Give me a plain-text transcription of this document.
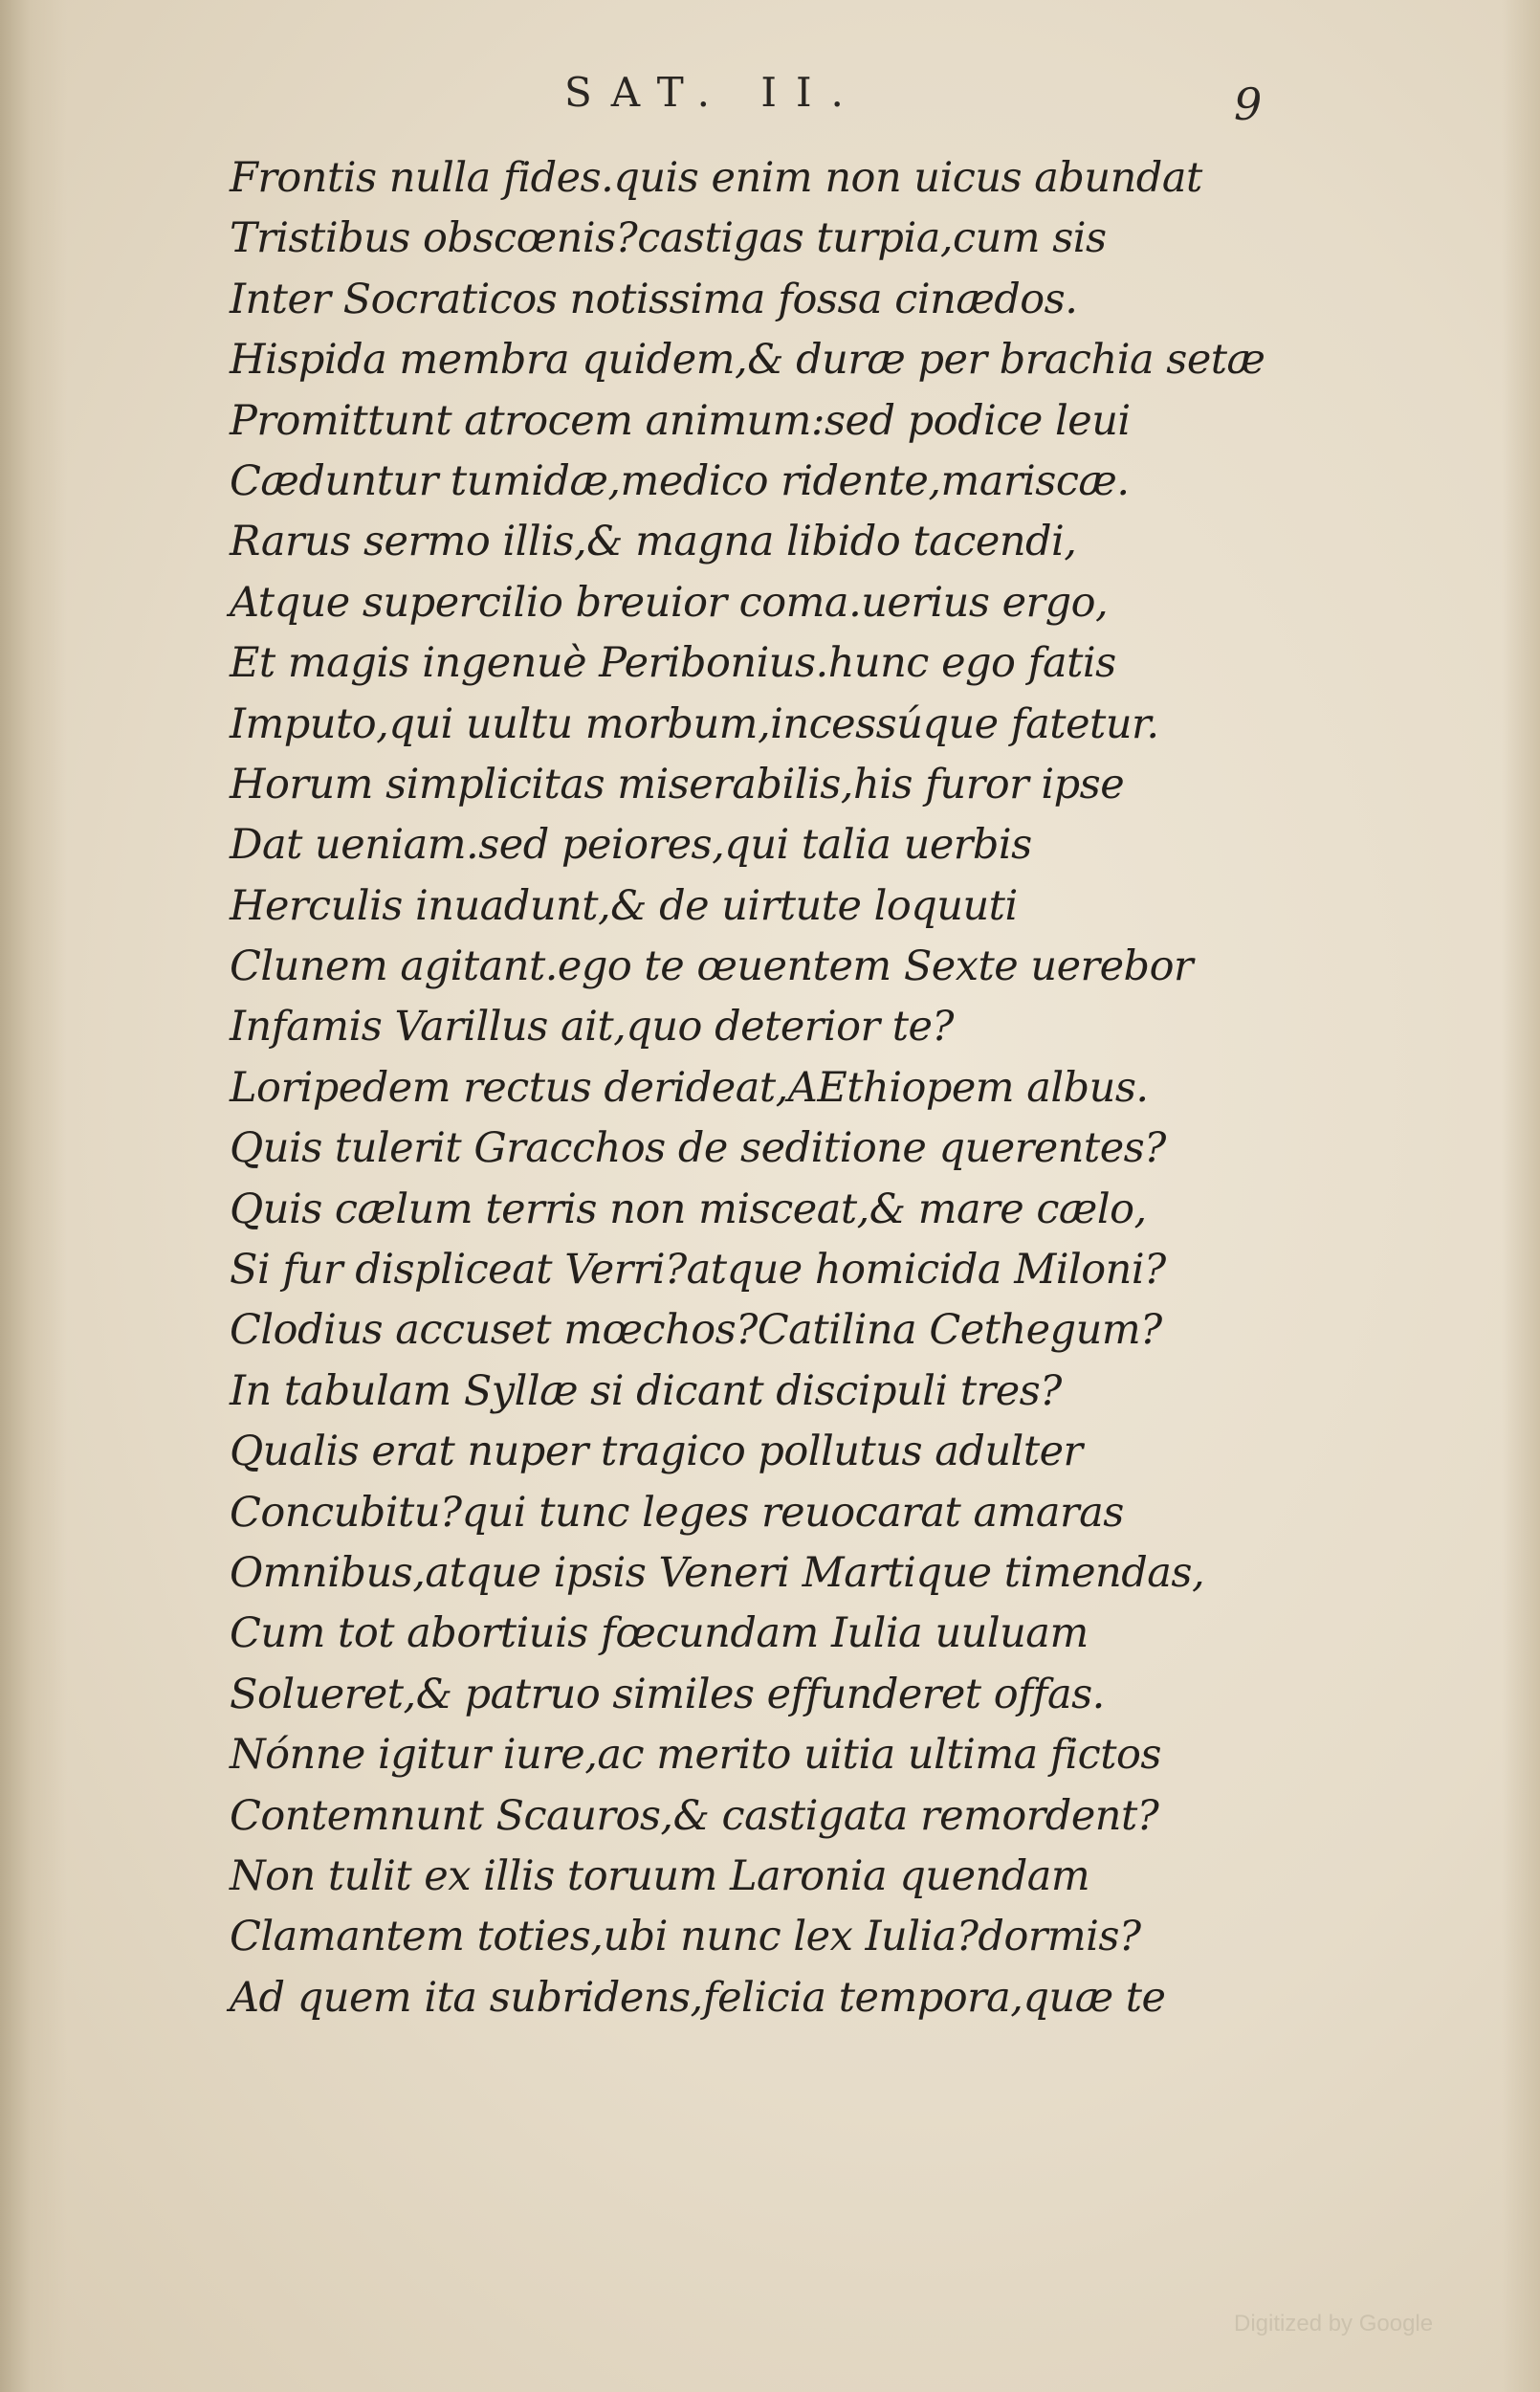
SAT. II.	9
Frontis nulla fides.quis enim non uicus abundat
Tristibus obscœnis?castigas turpia,cum sis
Inter Socraticos notissima fossa cinædos.
Hispida membra quidem,& duræ per brachia setæ
Promittunt atrocem animum:sed podice leui
Cæduntur tumidæ,medico ridente,mariscæ.
Rarus sermo illis,& magna libido tacendi,
Atque supercilio breuior coma.uerius ergo,
Et magis ingenuè Peribonius.hunc ego fatis
Imputo,qui uultu morbum,incessúque fatetur.
Horum simplicitas miserabilis,his furor ipse
Dat ueniam.sed peiores,qui talia uerbis
Herculis inuadunt,& de uirtute loquuti
Clunem agitant.ego te œuentem Sexte uerebor
Infamis Varillus ait,quo deterior te?
Loripedem rectus derideat,AEthiopem albus.
Quis tulerit Gracchos de seditione querentes?
Quis cælum terris non misceat,& mare cælo,
Si fur displiceat Verri?atque homicida Miloni?
Clodius accuset mœchos?Catilina Cethegum?
In tabulam Syllæ si dicant discipuli tres?
Qualis erat nuper tragico pollutus adulter
Concubitu?qui tunc leges reuocarat amaras
Omnibus,atque ipsis Veneri Martique timendas,
Cum tot abortiuis fœcundam Iulia uuluam
Solueret,& patruo similes effunderet offas.
Nónne igitur iure,ac merito uitia ultima fictos
Contemnunt Scauros,& castigata remordent?
Non tulit ex illis toruum Laronia quendam
Clamantem toties,ubi nunc lex Iulia?dormis?
Ad quem ita subridens,felicia tempora,quæ te
Digitized by Google
